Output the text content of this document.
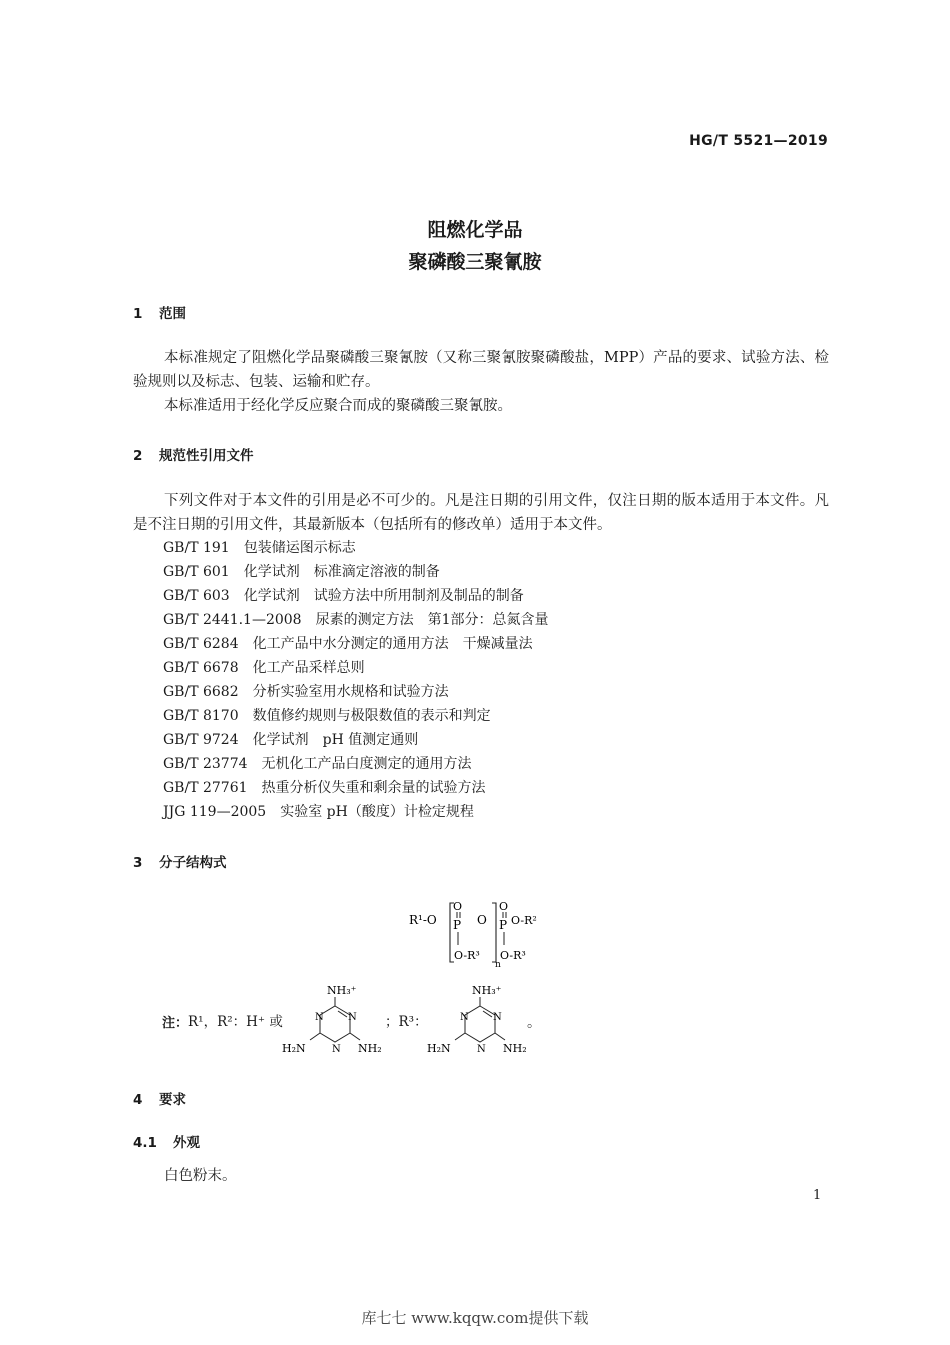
HG/T 5521—2019
阻燃化学品
聚磷酸三聚氰胺
1 范围
本标准规定了阻燃化学品聚磷酸三聚氰胺（又称三聚氰胺聚磷酸盐，MPP）产品的要求、试验方法、检验规则以及标志、包装、运输和贮存。
本标准适用于经化学反应聚合而成的聚磷酸三聚氰胺。
2 规范性引用文件
下列文件对于本文件的引用是必不可少的。凡是注日期的引用文件，仅注日期的版本适用于本文件。凡是不注日期的引用文件，其最新版本（包括所有的修改单）适用于本文件。
GB/T 191 包装储运图示标志
GB/T 601 化学试剂　标准滴定溶液的制备
GB/T 603 化学试剂　试验方法中所用制剂及制品的制备
GB/T 2441.1—2008 尿素的测定方法　第1部分：总氮含量
GB/T 6284 化工产品中水分测定的通用方法　干燥减量法
GB/T 6678 化工产品采样总则
GB/T 6682 分析实验室用水规格和试验方法
GB/T 8170 数值修约规则与极限数值的表示和判定
GB/T 9724 化学试剂　pH 值测定通则
GB/T 23774 无机化工产品白度测定的通用方法
GB/T 27761 热重分析仪失重和剩余量的试验方法
JJG 119—2005 实验室 pH（酸度）计检定规程
3 分子结构式
R¹-O
O
P
O-R³
O
n
O
P O-R²
O-R³
注： R¹，R²：H⁺ 或
NH₃⁺
N N
N
H₂N	NH₂
；R³：
NH₃⁺
N N
N
H₂N	NH₂
。
4 要求
4.1 外观
白色粉末。
1
库七七 www.kqqw.com提供下载
